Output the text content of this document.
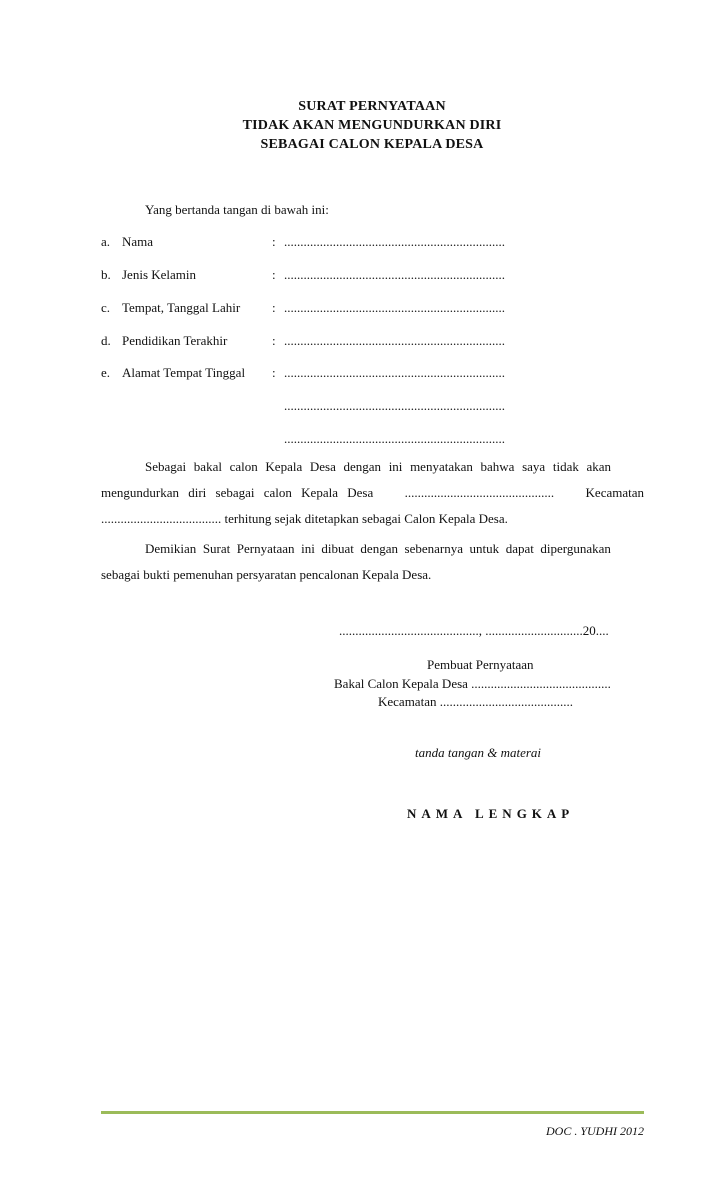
SURAT PERNYATAAN
TIDAK AKAN MENGUNDURKAN DIRI
SEBAGAI CALON KEPALA DESA
Yang bertanda tangan di bawah ini:
a. Nama	: ....................................................................
b. Jenis Kelamin	: ....................................................................
c. Tempat, Tanggal Lahir : ....................................................................
d. Pendidikan Terakhir	: ....................................................................
e. Alamat Tempat Tinggal : ....................................................................
....................................................................
....................................................................
Sebagai bakal calon Kepala Desa dengan ini menyatakan bahwa saya tidak akan
mengundurkan diri sebagai calon Kepala Desa .............................................. Kecamatan
..................................... terhitung sejak ditetapkan sebagai Calon Kepala Desa.
Demikian Surat Pernyataan ini dibuat dengan sebenarnya untuk dapat dipergunakan
sebagai bukti pemenuhan persyaratan pencalonan Kepala Desa.
..........................................., ..............................20....
Pembuat Pernyataan
Bakal Calon Kepala Desa ...........................................
Kecamatan .........................................
tanda tangan & materai
NAMA LENGKAP
DOC . YUDHI 2012
